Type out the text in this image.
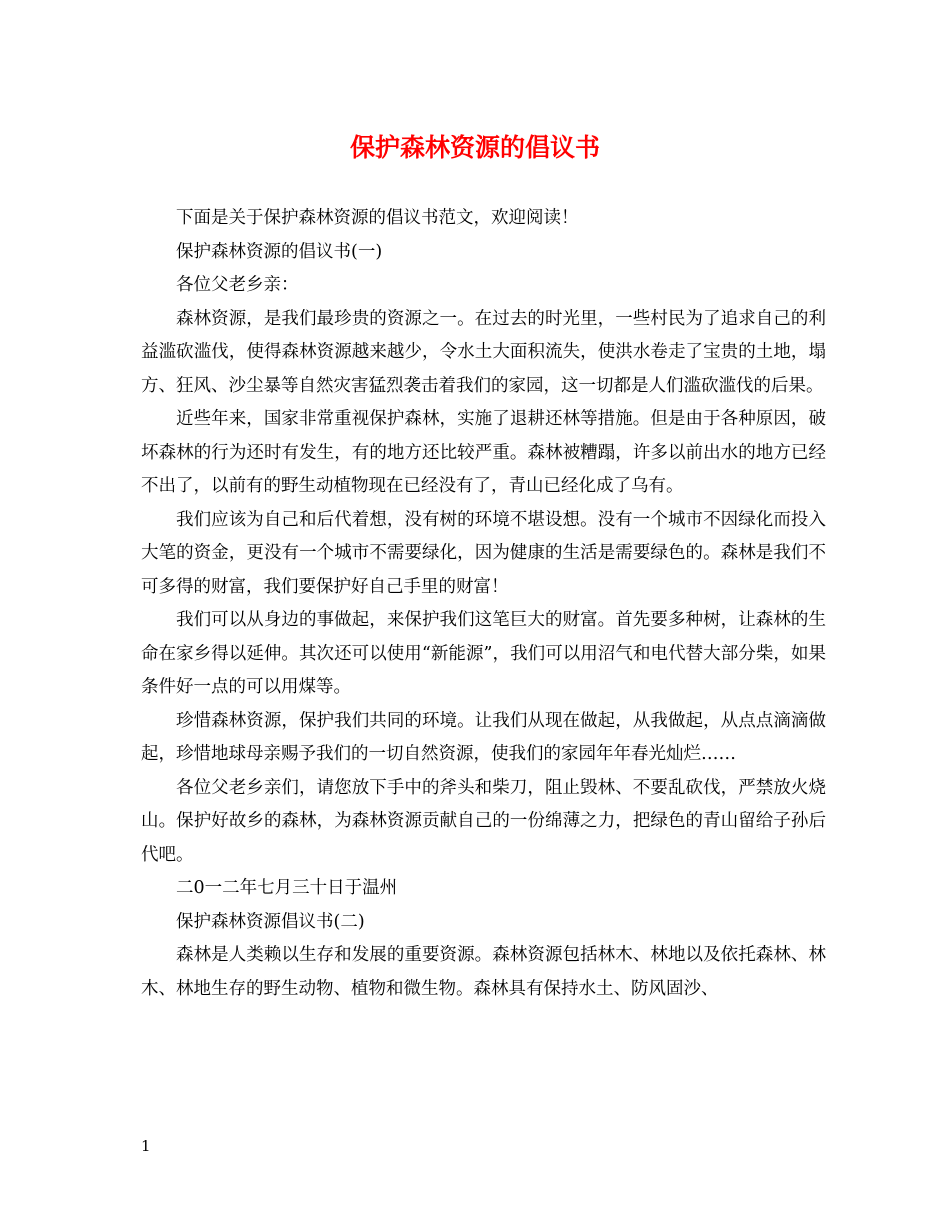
保护森林资源的倡议书

下面是关于保护森林资源的倡议书范文，欢迎阅读！

保护森林资源的倡议书(一)

各位父老乡亲：

森林资源，是我们最珍贵的资源之一。在过去的时光里，一些村民为了追求自己的利益滥砍滥伐，使得森林资源越来越少，令水土大面积流失，使洪水卷走了宝贵的土地，塌方、狂风、沙尘暴等自然灾害猛烈袭击着我们的家园，这一切都是人们滥砍滥伐的后果。

近些年来，国家非常重视保护森林，实施了退耕还林等措施。但是由于各种原因，破坏森林的行为还时有发生，有的地方还比较严重。森林被糟蹋，许多以前出水的地方已经不出了，以前有的野生动植物现在已经没有了，青山已经化成了乌有。

我们应该为自己和后代着想，没有树的环境不堪设想。没有一个城市不因绿化而投入大笔的资金，更没有一个城市不需要绿化，因为健康的生活是需要绿色的。森林是我们不可多得的财富，我们要保护好自己手里的财富！

我们可以从身边的事做起，来保护我们这笔巨大的财富。首先要多种树，让森林的生命在家乡得以延伸。其次还可以使用“新能源”，我们可以用沼气和电代替大部分柴，如果条件好一点的可以用煤等。

珍惜森林资源，保护我们共同的环境。让我们从现在做起，从我做起，从点点滴滴做起，珍惜地球母亲赐予我们的一切自然资源，使我们的家园年年春光灿烂……

各位父老乡亲们，请您放下手中的斧头和柴刀，阻止毁林、不要乱砍伐，严禁放火烧山。保护好故乡的森林，为森林资源贡献自己的一份绵薄之力，把绿色的青山留给子孙后代吧。

二0一二年七月三十日于温州

保护森林资源倡议书(二)

森林是人类赖以生存和发展的重要资源。森林资源包括林木、林地以及依托森林、林木、林地生存的野生动物、植物和微生物。森林具有保持水土、防风固沙、

1
